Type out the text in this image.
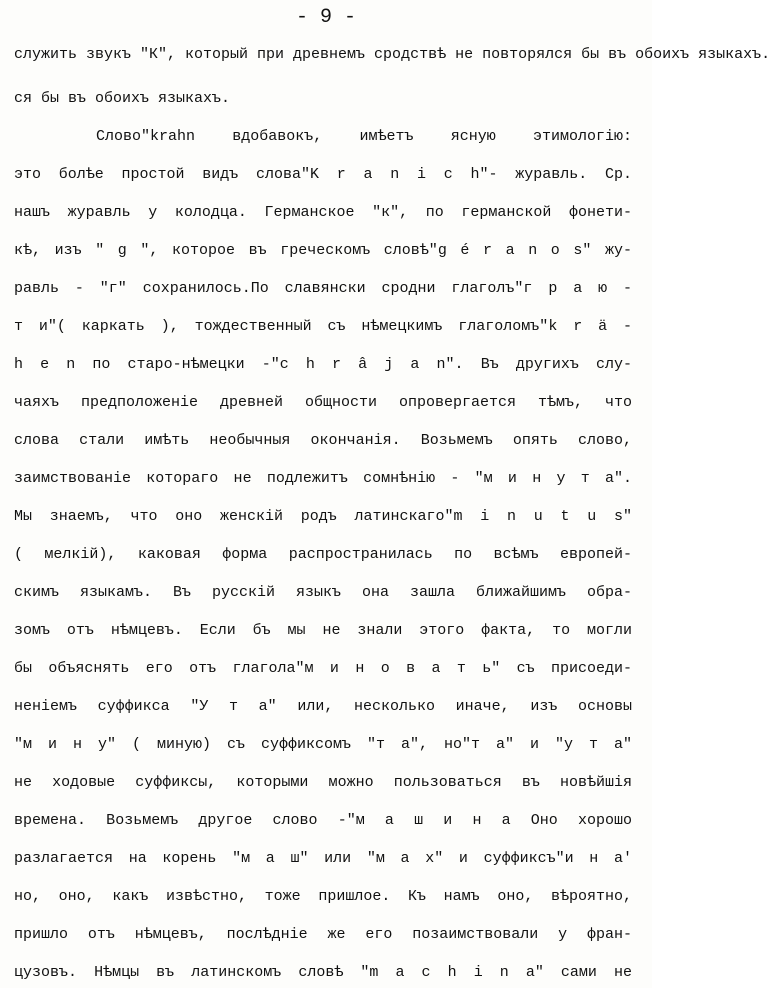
- 9 -
служить звукъ "К", который при древнемъ сродствѣ не повторялся бы въ обоихъ языкахъ.
ся бы въ обоихъ языкахъ.
Слово"krahn вдобавокъ, имѣетъ ясную этимологію:
это болѣе простой видъ слова"K r a n i c h"- журавль. Ср.
нашъ журавль у колодца. Германское "к", по германской фонети-
кѣ, изъ " g ", которое въ греческомъ словѣ"g é r a n o s" жу-
равль - "г" сохранилось.По славянски сродни глаголъ"г р а ю -
т и"( каркать ), тождественный съ нѣмецкимъ глаголомъ"k r ä -
h e n по старо-нѣмецки -"c h r â j a n". Въ другихъ слу-
чаяхъ предположеніе древней общности опровергается тѣмъ, что
слова стали имѣть необычныя окончанія. Возьмемъ опять слово,
заимствованіе котораго не подлежитъ сомнѣнію - "м и н у т а".
Мы знаемъ, что оно женскій родъ латинскаго"m i n u t u s"
( мелкій), каковая форма распространилась по всѣмъ европей-
скимъ языкамъ. Въ русскій языкъ она зашла ближайшимъ обра-
зомъ отъ нѣмцевъ. Если бъ мы не знали этого факта, то могли
бы объяснять его отъ глагола"м и н о в а т ь" съ присоеди-
неніемъ суффикса "У т а" или, несколько иначе, изъ основы
"м и н у" ( миную) съ суффиксомъ "т а", но"т а" и "у т а"
не ходовые суффиксы, которыми можно пользоваться въ новѣйшія
времена. Возьмемъ другое слово -"м а ш и н а Оно хорошо
разлагается на корень "м а ш" или "м а х" и суффиксъ"и н а'
но, оно, какъ извѣстно, тоже пришлое. Къ намъ оно, вѣроятно,
пришло отъ нѣмцевъ, послѣдніе же его позаимствовали у фран-
цузовъ. Нѣмцы въ латинскомъ словѣ "m a c h i n a" сами не
